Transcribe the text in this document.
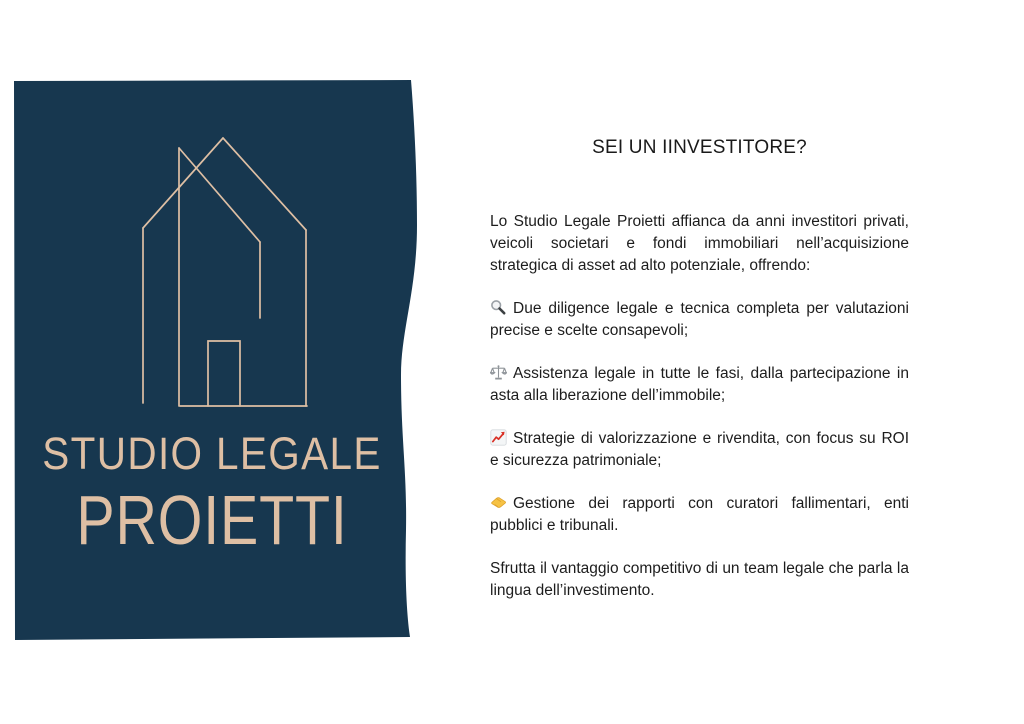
STUDIO LEGALE
PROIETTI
SEI UN IINVESTITORE?

Lo Studio Legale Proietti affianca da anni investitori privati, veicoli societari e fondi immobiliari nell’acquisizione strategica di asset ad alto potenziale, offrendo:

Due diligence legale e tecnica completa per valutazioni precise e scelte consapevoli;

Assistenza legale in tutte le fasi, dalla partecipazione in asta alla liberazione dell’immobile;

Strategie di valorizzazione e rivendita, con focus su ROI e sicurezza patrimoniale;

Gestione dei rapporti con curatori fallimentari, enti pubblici e tribunali.

Sfrutta il vantaggio competitivo di un team legale che parla la lingua dell’investimento.
